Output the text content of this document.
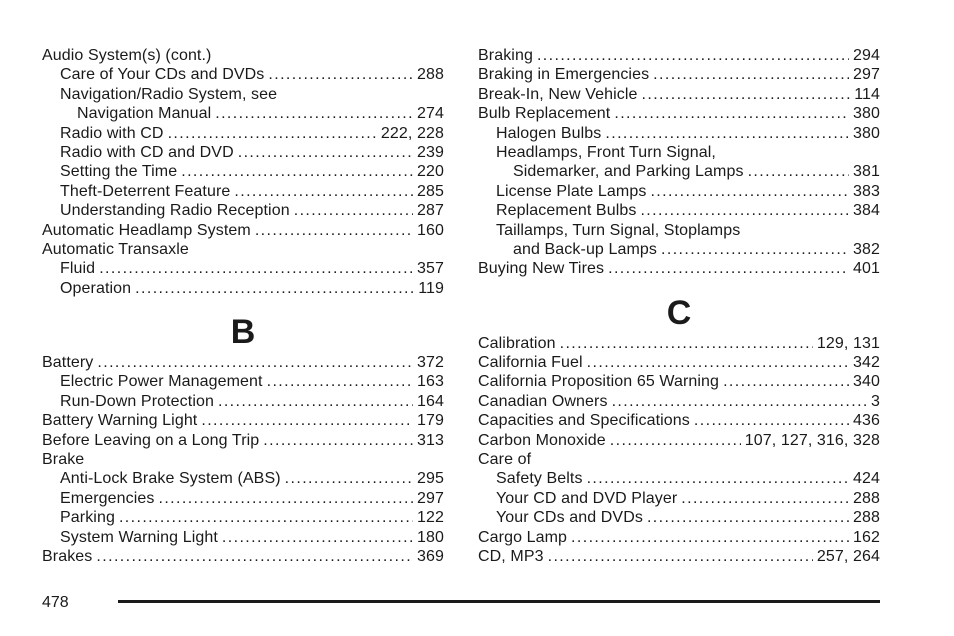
Audio System(s) (cont.)
Care of Your CDs and DVDs .....	288
Navigation/Radio System, see
Navigation Manual .....	274
Radio with CD .....	222, 228
Radio with CD and DVD .....	239
Setting the Time .....	220
Theft-Deterrent Feature .....	285
Understanding Radio Reception .....	287
Automatic Headlamp System .....	160
Automatic Transaxle
Fluid .....	357
Operation .....	119
B
Battery .....	372
Electric Power Management .....	163
Run-Down Protection .....	164
Battery Warning Light .....	179
Before Leaving on a Long Trip .....	313
Brake
Anti-Lock Brake System (ABS) .....	295
Emergencies .....	297
Parking .....	122
System Warning Light .....	180
Brakes .....	369
Braking .....	294
Braking in Emergencies .....	297
Break-In, New Vehicle .....	114
Bulb Replacement .....	380
Halogen Bulbs .....	380
Headlamps, Front Turn Signal,
Sidemarker, and Parking Lamps .....	381
License Plate Lamps .....	383
Replacement Bulbs .....	384
Taillamps, Turn Signal, Stoplamps
and Back-up Lamps .....	382
Buying New Tires .....	401
C
Calibration .....	129, 131
California Fuel .....	342
California Proposition 65 Warning .....	340
Canadian Owners .....	3
Capacities and Specifications .....	436
Carbon Monoxide .....	107, 127, 316, 328
Care of
Safety Belts .....	424
Your CD and DVD Player .....	288
Your CDs and DVDs .....	288
Cargo Lamp .....	162
CD, MP3 .....	257, 264
478
